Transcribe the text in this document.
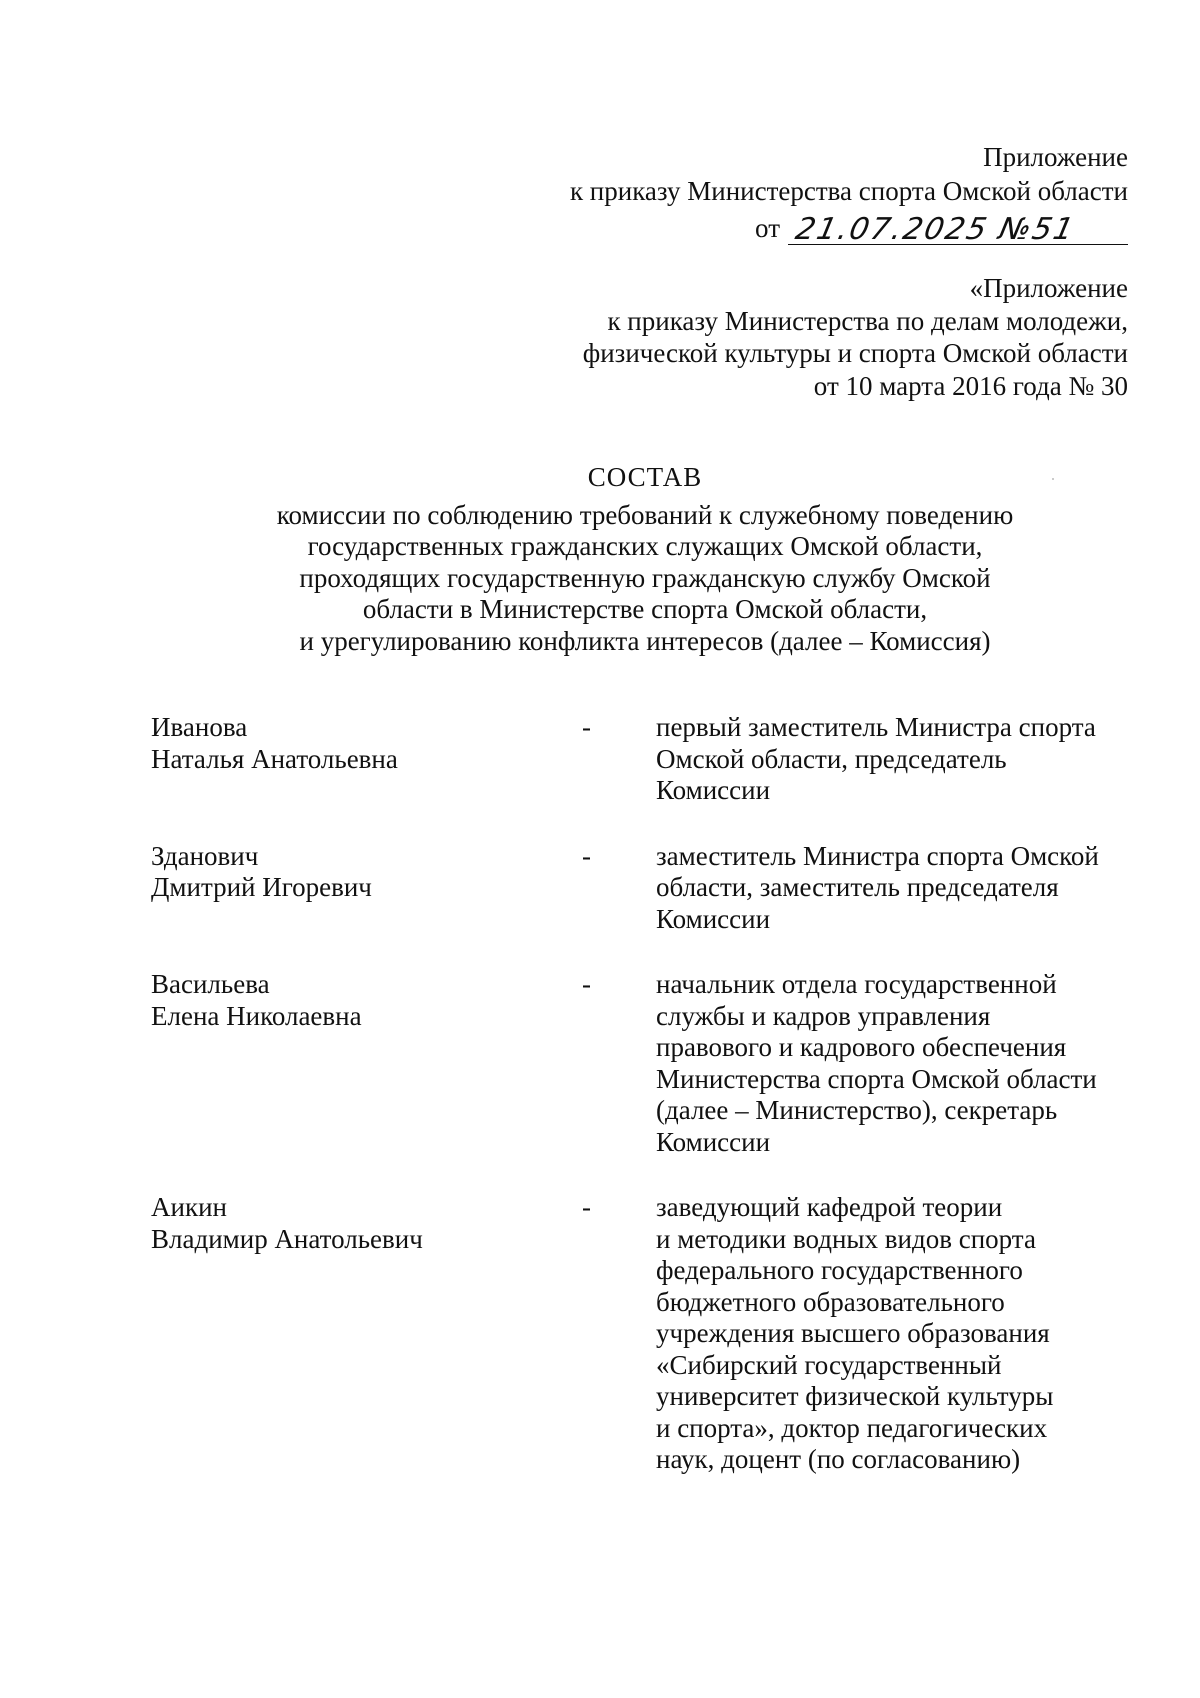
Приложение
к приказу Министерства спорта Омской области
от 21.07.2025 №51
«Приложение
к приказу Министерства по делам молодежи,
физической культуры и спорта Омской области
от 10 марта 2016 года № 30
СОСТАВ
комиссии по соблюдению требований к служебному поведению
государственных гражданских служащих Омской области,
проходящих государственную гражданскую службу Омской
области в Министерстве спорта Омской области,
и урегулированию конфликта интересов (далее – Комиссия)
Иванова
Наталья Анатольевна
- первый заместитель Министра спорта
Омской области, председатель
Комиссии
Зданович
Дмитрий Игоревич
- заместитель Министра спорта Омской
области, заместитель председателя
Комиссии
Васильева
Елена Николаевна
- начальник отдела государственной
службы и кадров управления
правового и кадрового обеспечения
Министерства спорта Омской области
(далее – Министерство), секретарь
Комиссии
Аикин
Владимир Анатольевич
- заведующий кафедрой теории
и методики водных видов спорта
федерального государственного
бюджетного образовательного
учреждения высшего образования
«Сибирский государственный
университет физической культуры
и спорта», доктор педагогических
наук, доцент (по согласованию)
